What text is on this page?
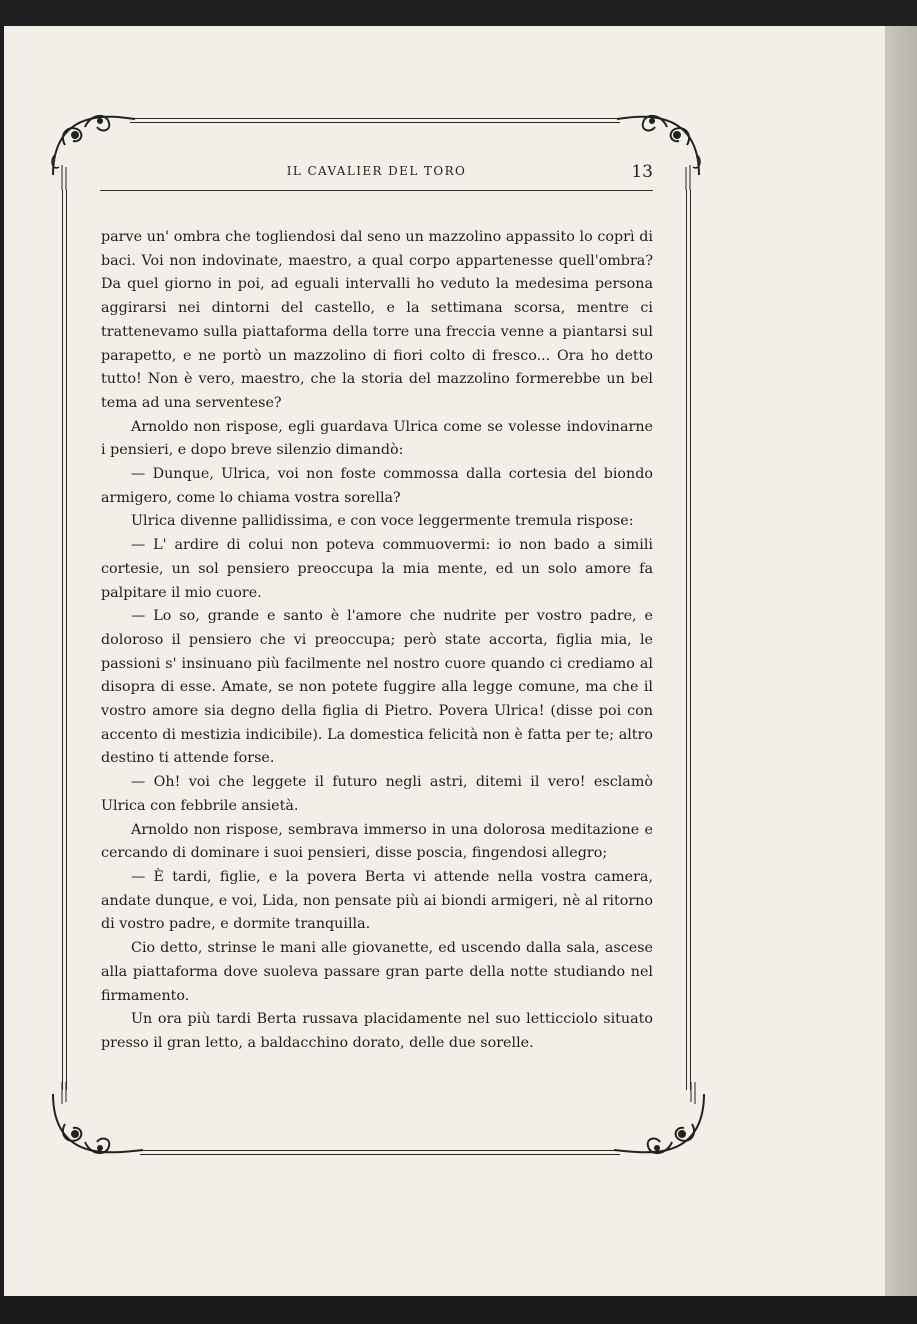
IL CAVALIER DEL TORO	13

parve un' ombra che togliendosi dal seno un mazzolino appassito lo coprì di baci. Voi non indovinate, maestro, a qual corpo appartenesse quell'ombra? Da quel giorno in poi, ad eguali intervalli ho veduto la medesima persona aggirarsi nei dintorni del castello, e la settimana scorsa, mentre ci trattenevamo sulla piattaforma della torre una freccia venne a piantarsi sul parapetto, e ne portò un mazzolino di fiori colto di fresco... Ora ho detto tutto! Non è vero, maestro, che la storia del mazzolino formerebbe un bel tema ad una serventese?

Arnoldo non rispose, egli guardava Ulrica come se volesse indovinarne i pensieri, e dopo breve silenzio dimandò:

— Dunque, Ulrica, voi non foste commossa dalla cortesia del biondo armigero, come lo chiama vostra sorella?

Ulrica divenne pallidissima, e con voce leggermente tremula rispose:

— L' ardire di colui non poteva commuovermi: io non bado a simili cortesie, un sol pensiero preoccupa la mia mente, ed un solo amore fa palpitare il mio cuore.

— Lo so, grande e santo è l'amore che nudrite per vostro padre, e doloroso il pensiero che vi preoccupa; però state accorta, figlia mia, le passioni s' insinuano più facilmente nel nostro cuore quando ci crediamo al disopra di esse. Amate, se non potete fuggire alla legge comune, ma che il vostro amore sia degno della figlia di Pietro. Povera Ulrica! (disse poi con accento di mestizia indicibile). La domestica felicità non è fatta per te; altro destino ti attende forse.

— Oh! voi che leggete il futuro negli astri, ditemi il vero! esclamò Ulrica con febbrile ansietà.

Arnoldo non rispose, sembrava immerso in una dolorosa meditazione e cercando di dominare i suoi pensieri, disse poscia, fingendosi allegro;

— È tardi, figlie, e la povera Berta vi attende nella vostra camera, andate dunque, e voi, Lida, non pensate più ai biondi armigeri, nè al ritorno di vostro padre, e dormite tranquilla.

Cio detto, strinse le mani alle giovanette, ed uscendo dalla sala, ascese alla piattaforma dove suoleva passare gran parte della notte studiando nel firmamento.

Un ora più tardi Berta russava placidamente nel suo letticciolo situato presso il gran letto, a baldacchino dorato, delle due sorelle.
